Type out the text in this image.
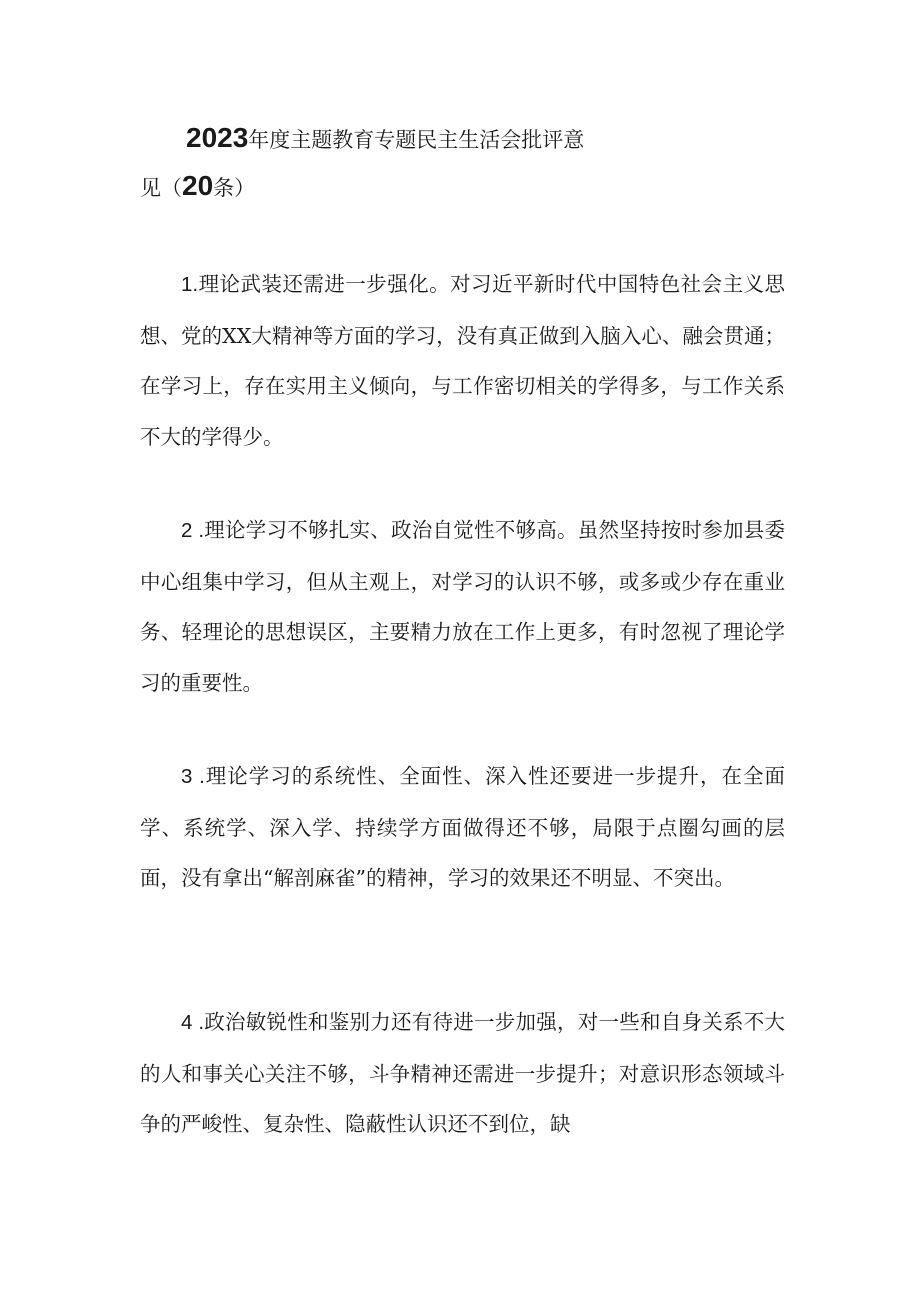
2023年度主题教育专题民主生活会批评意
见（20条）

1.理论武装还需进一步强化。对习近平新时代中国特色社会主义思想、党的XX大精神等方面的学习，没有真正做到入脑入心、融会贯通；在学习上，存在实用主义倾向，与工作密切相关的学得多，与工作关系不大的学得少。

2 .理论学习不够扎实、政治自觉性不够高。虽然坚持按时参加县委中心组集中学习，但从主观上，对学习的认识不够，或多或少存在重业务、轻理论的思想误区，主要精力放在工作上更多，有时忽视了理论学习的重要性。

3 .理论学习的系统性、全面性、深入性还要进一步提升，在全面学、系统学、深入学、持续学方面做得还不够，局限于点圈勾画的层面，没有拿出“解剖麻雀”的精神，学习的效果还不明显、不突出。

4 .政治敏锐性和鉴别力还有待进一步加强，对一些和自身关系不大的人和事关心关注不够，斗争精神还需进一步提升；对意识形态领域斗争的严峻性、复杂性、隐蔽性认识还不到位，缺
